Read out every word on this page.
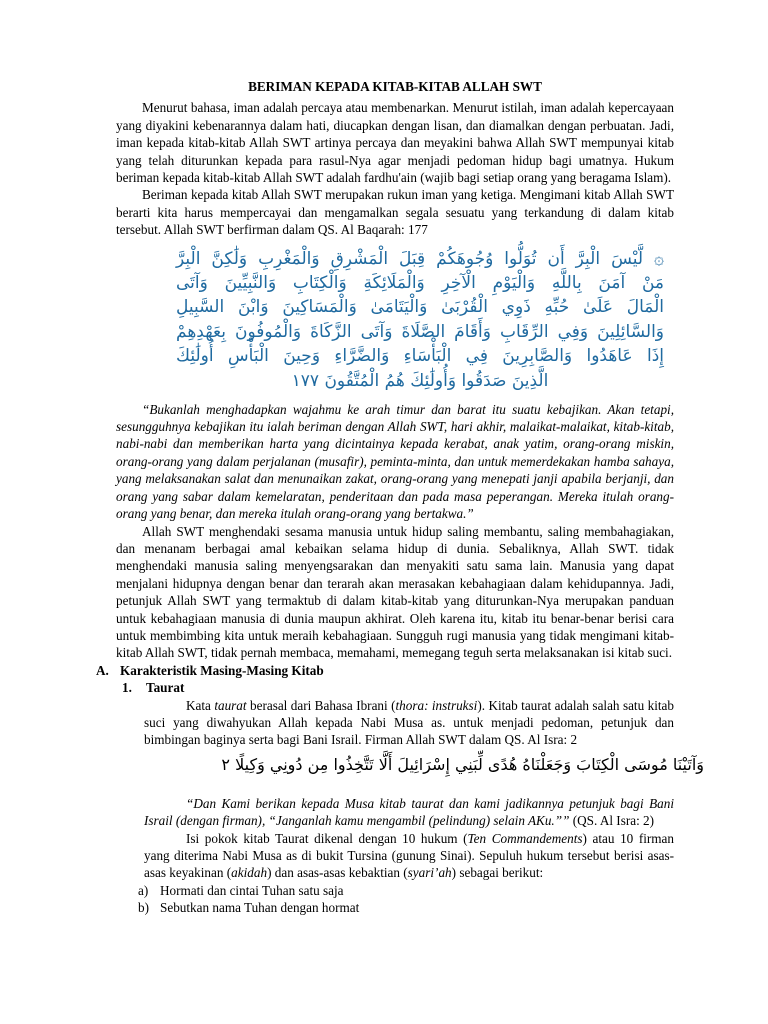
BERIMAN KEPADA KITAB-KITAB ALLAH SWT

Menurut bahasa, iman adalah percaya atau membenarkan. Menurut istilah, iman adalah kepercayaan yang diyakini kebenarannya dalam hati, diucapkan dengan lisan, dan diamalkan dengan perbuatan. Jadi, iman kepada kitab-kitab Allah SWT artinya percaya dan meyakini bahwa Allah SWT mempunyai kitab yang telah diturunkan kepada para rasul-Nya agar menjadi pedoman hidup bagi umatnya. Hukum beriman kepada kitab-kitab Allah SWT adalah fardhu'ain (wajib bagi setiap orang yang beragama Islam).

Beriman kepada kitab Allah SWT merupakan rukun iman yang ketiga. Mengimani kitab Allah SWT berarti kita harus mempercayai dan mengamalkan segala sesuatu yang terkandung di dalam kitab tersebut. Allah SWT berfirman dalam QS. Al Baqarah: 177

۞ لَّيْسَ الْبِرَّ أَن تُوَلُّوا وُجُوهَكُمْ قِبَلَ الْمَشْرِقِ وَالْمَغْرِبِ وَلَٰكِنَّ الْبِرَّ
مَنْ آمَنَ بِاللَّهِ وَالْيَوْمِ الْآخِرِ وَالْمَلَائِكَةِ وَالْكِتَابِ وَالنَّبِيِّينَ وَآتَى
الْمَالَ عَلَىٰ حُبِّهِ ذَوِي الْقُرْبَىٰ وَالْيَتَامَىٰ وَالْمَسَاكِينَ وَابْنَ السَّبِيلِ
وَالسَّائِلِينَ وَفِي الرِّقَابِ وَأَقَامَ الصَّلَاةَ وَآتَى الزَّكَاةَ وَالْمُوفُونَ بِعَهْدِهِمْ
إِذَا عَاهَدُوا وَالصَّابِرِينَ فِي الْبَأْسَاءِ وَالضَّرَّاءِ وَحِينَ الْبَأْسِ أُولَٰئِكَ
الَّذِينَ صَدَقُوا وَأُولَٰئِكَ هُمُ الْمُتَّقُونَ ١٧٧

“Bukanlah menghadapkan wajahmu ke arah timur dan barat itu suatu kebajikan. Akan tetapi, sesungguhnya kebajikan itu ialah beriman dengan Allah SWT, hari akhir, malaikat-malaikat, kitab-kitab, nabi-nabi dan memberikan harta yang dicintainya kepada kerabat, anak yatim, orang-orang miskin, orang-orang yang dalam perjalanan (musafir), peminta-minta, dan untuk memerdekakan hamba sahaya, yang melaksanakan salat dan menunaikan zakat, orang-orang yang menepati janji apabila berjanji, dan orang yang sabar dalam kemelaratan, penderitaan dan pada masa peperangan. Mereka itulah orang-orang yang benar, dan mereka itulah orang-orang yang bertakwa.”

Allah SWT menghendaki sesama manusia untuk hidup saling membantu, saling membahagiakan, dan menanam berbagai amal kebaikan selama hidup di dunia. Sebaliknya, Allah SWT. tidak menghendaki manusia saling menyengsarakan dan menyakiti satu sama lain. Manusia yang dapat menjalani hidupnya dengan benar dan terarah akan merasakan kebahagiaan dalam kehidupannya. Jadi, petunjuk Allah SWT yang termaktub di dalam kitab-kitab yang diturunkan-Nya merupakan panduan untuk kebahagiaan manusia di dunia maupun akhirat. Oleh karena itu, kitab itu benar-benar berisi cara untuk membimbing kita untuk meraih kebahagiaan. Sungguh rugi manusia yang tidak mengimani kitab-kitab Allah SWT, tidak pernah membaca, memahami, memegang teguh serta melaksanakan isi kitab suci.

A. Karakteristik Masing-Masing Kitab
1. Taurat

Kata taurat berasal dari Bahasa Ibrani (thora: instruksi). Kitab taurat adalah salah satu kitab suci yang diwahyukan Allah kepada Nabi Musa as. untuk menjadi pedoman, petunjuk dan bimbingan baginya serta bagi Bani Israil. Firman Allah SWT dalam QS. Al Isra: 2

وَآتَيْنَا مُوسَى الْكِتَابَ وَجَعَلْنَاهُ هُدًى لِّبَنِي إِسْرَائِيلَ أَلَّا تَتَّخِذُوا مِن دُونِي وَكِيلًا ٢

“Dan Kami berikan kepada Musa kitab taurat dan kami jadikannya petunjuk bagi Bani Israil (dengan firman), “Janganlah kamu mengambil (pelindung) selain AKu.”” (QS. Al Isra: 2)

Isi pokok kitab Taurat dikenal dengan 10 hukum (Ten Commandements) atau 10 firman yang diterima Nabi Musa as di bukit Tursina (gunung Sinai). Sepuluh hukum tersebut berisi asas-asas keyakinan (akidah) dan asas-asas kebaktian (syari’ah) sebagai berikut:

a) Hormati dan cintai Tuhan satu saja
b) Sebutkan nama Tuhan dengan hormat
